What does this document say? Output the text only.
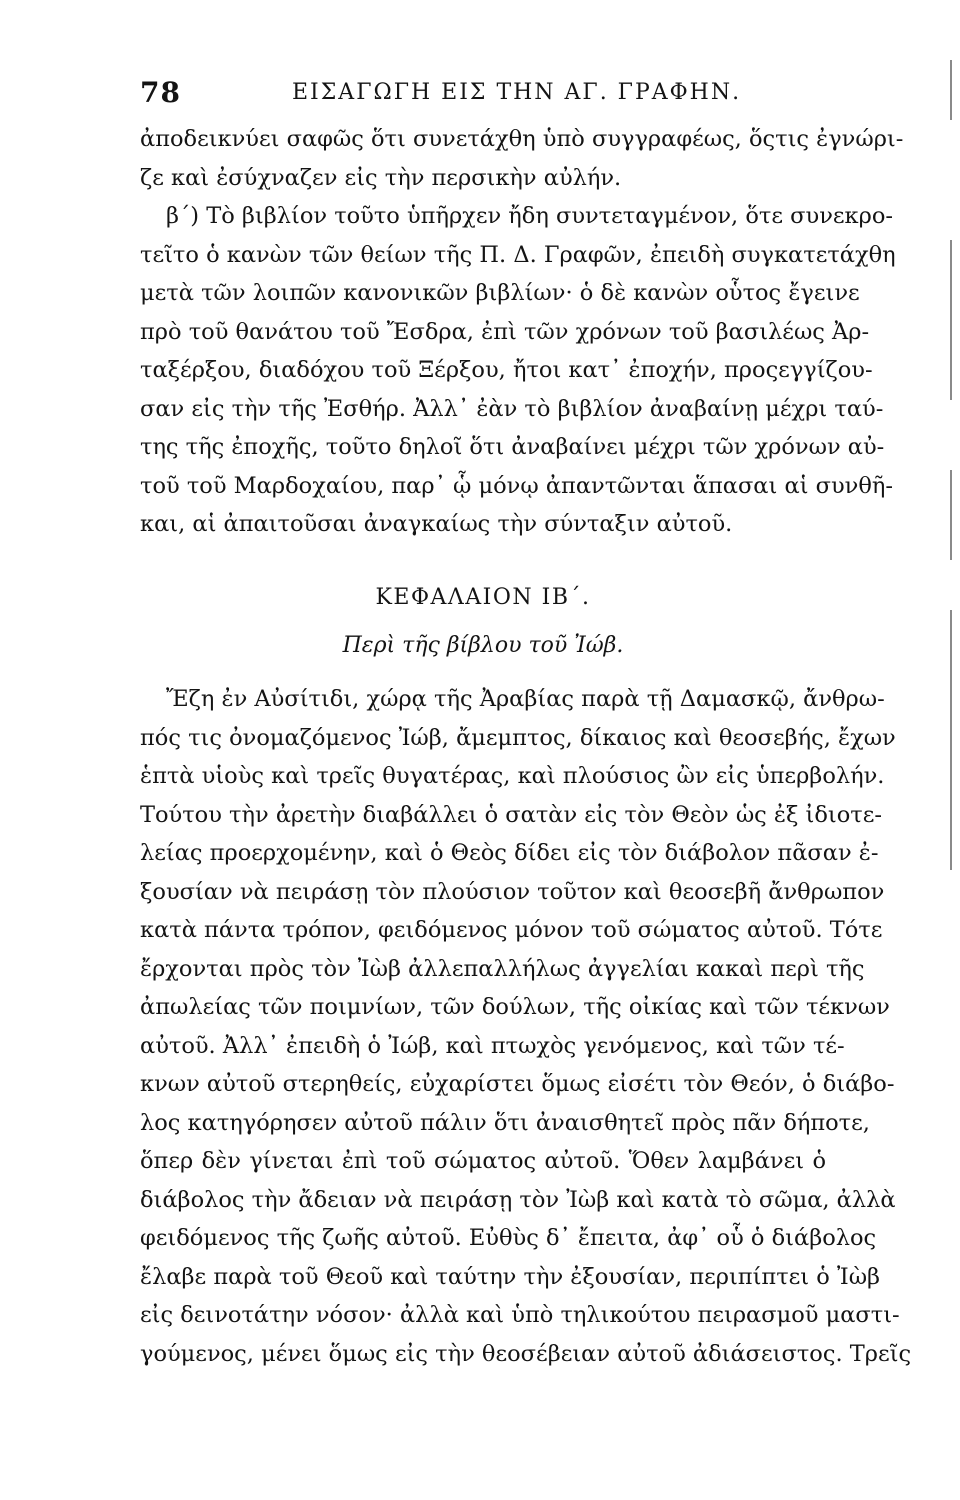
78	ΕΙΣΑΓΩΓΗ ΕΙΣ ΤΗΝ ΑΓ. ΓΡΑΦΗΝ.
ἀποδεικνύει σαφῶς ὅτι συνετάχθη ὑπὸ συγγραφέως, ὅςτις ἐγνώρι-
ζε καὶ ἐσύχναζεν εἰς τὴν περσικὴν αὐλήν.
β΄) Τὸ βιβλίον τοῦτο ὑπῆρχεν ἤδη συντεταγμένον, ὅτε συνεκρο-
τεῖτο ὁ κανὼν τῶν θείων τῆς Π. Δ. Γραφῶν, ἐπειδὴ συγκατετάχθη
μετὰ τῶν λοιπῶν κανονικῶν βιβλίων· ὁ δὲ κανὼν οὗτος ἔγεινε
πρὸ τοῦ θανάτου τοῦ Ἔσδρα, ἐπὶ τῶν χρόνων τοῦ βασιλέως Ἀρ-
ταξέρξου, διαδόχου τοῦ Ξέρξου, ἤτοι κατ᾽ ἐποχήν, προςεγγίζου-
σαν εἰς τὴν τῆς Ἐσθήρ. Ἀλλ᾽ ἐὰν τὸ βιβλίον ἀναβαίνῃ μέχρι ταύ-
της τῆς ἐποχῆς, τοῦτο δηλοῖ ὅτι ἀναβαίνει μέχρι τῶν χρόνων αὐ-
τοῦ τοῦ Μαρδοχαίου, παρ᾽ ᾧ μόνῳ ἀπαντῶνται ἅπασαι αἱ συνθῆ-
και, αἱ ἀπαιτοῦσαι ἀναγκαίως τὴν σύνταξιν αὐτοῦ.
ΚΕΦΑΛΑΙΟΝ ΙΒ΄.
Περὶ τῆς βίβλου τοῦ Ἰώβ.
Ἔζη ἐν Αὐσίτιδι, χώρᾳ τῆς Ἀραβίας παρὰ τῇ Δαμασκῷ, ἄνθρω-
πός τις ὀνομαζόμενος Ἰώβ, ἄμεμπτος, δίκαιος καὶ θεοσεβής, ἔχων
ἑπτὰ υἱοὺς καὶ τρεῖς θυγατέρας, καὶ πλούσιος ὢν εἰς ὑπερβολήν.
Τούτου τὴν ἀρετὴν διαβάλλει ὁ σατὰν εἰς τὸν Θεὸν ὡς ἐξ ἰδιοτε-
λείας προερχομένην, καὶ ὁ Θεὸς δίδει εἰς τὸν διάβολον πᾶσαν ἐ-
ξουσίαν νὰ πειράσῃ τὸν πλούσιον τοῦτον καὶ θεοσεβῆ ἄνθρωπον
κατὰ πάντα τρόπον, φειδόμενος μόνον τοῦ σώματος αὐτοῦ. Τότε
ἔρχονται πρὸς τὸν Ἰὼβ ἀλλεπαλλήλως ἀγγελίαι κακαὶ περὶ τῆς
ἀπωλείας τῶν ποιμνίων, τῶν δούλων, τῆς οἰκίας καὶ τῶν τέκνων
αὐτοῦ. Ἀλλ᾽ ἐπειδὴ ὁ Ἰώβ, καὶ πτωχὸς γενόμενος, καὶ τῶν τέ-
κνων αὐτοῦ στερηθείς, εὐχαρίστει ὅμως εἰσέτι τὸν Θεόν, ὁ διάβο-
λος κατηγόρησεν αὐτοῦ πάλιν ὅτι ἀναισθητεῖ πρὸς πᾶν δήποτε,
ὅπερ δὲν γίνεται ἐπὶ τοῦ σώματος αὐτοῦ. Ὅθεν λαμβάνει ὁ
διάβολος τὴν ἄδειαν νὰ πειράσῃ τὸν Ἰὼβ καὶ κατὰ τὸ σῶμα, ἀλλὰ
φειδόμενος τῆς ζωῆς αὐτοῦ. Εὐθὺς δ᾽ ἔπειτα, ἀφ᾽ οὗ ὁ διάβολος
ἔλαβε παρὰ τοῦ Θεοῦ καὶ ταύτην τὴν ἐξουσίαν, περιπίπτει ὁ Ἰὼβ
εἰς δεινοτάτην νόσον· ἀλλὰ καὶ ὑπὸ τηλικούτου πειρασμοῦ μαστι-
γούμενος, μένει ὅμως εἰς τὴν θεοσέβειαν αὐτοῦ ἀδιάσειστος. Τρεῖς
